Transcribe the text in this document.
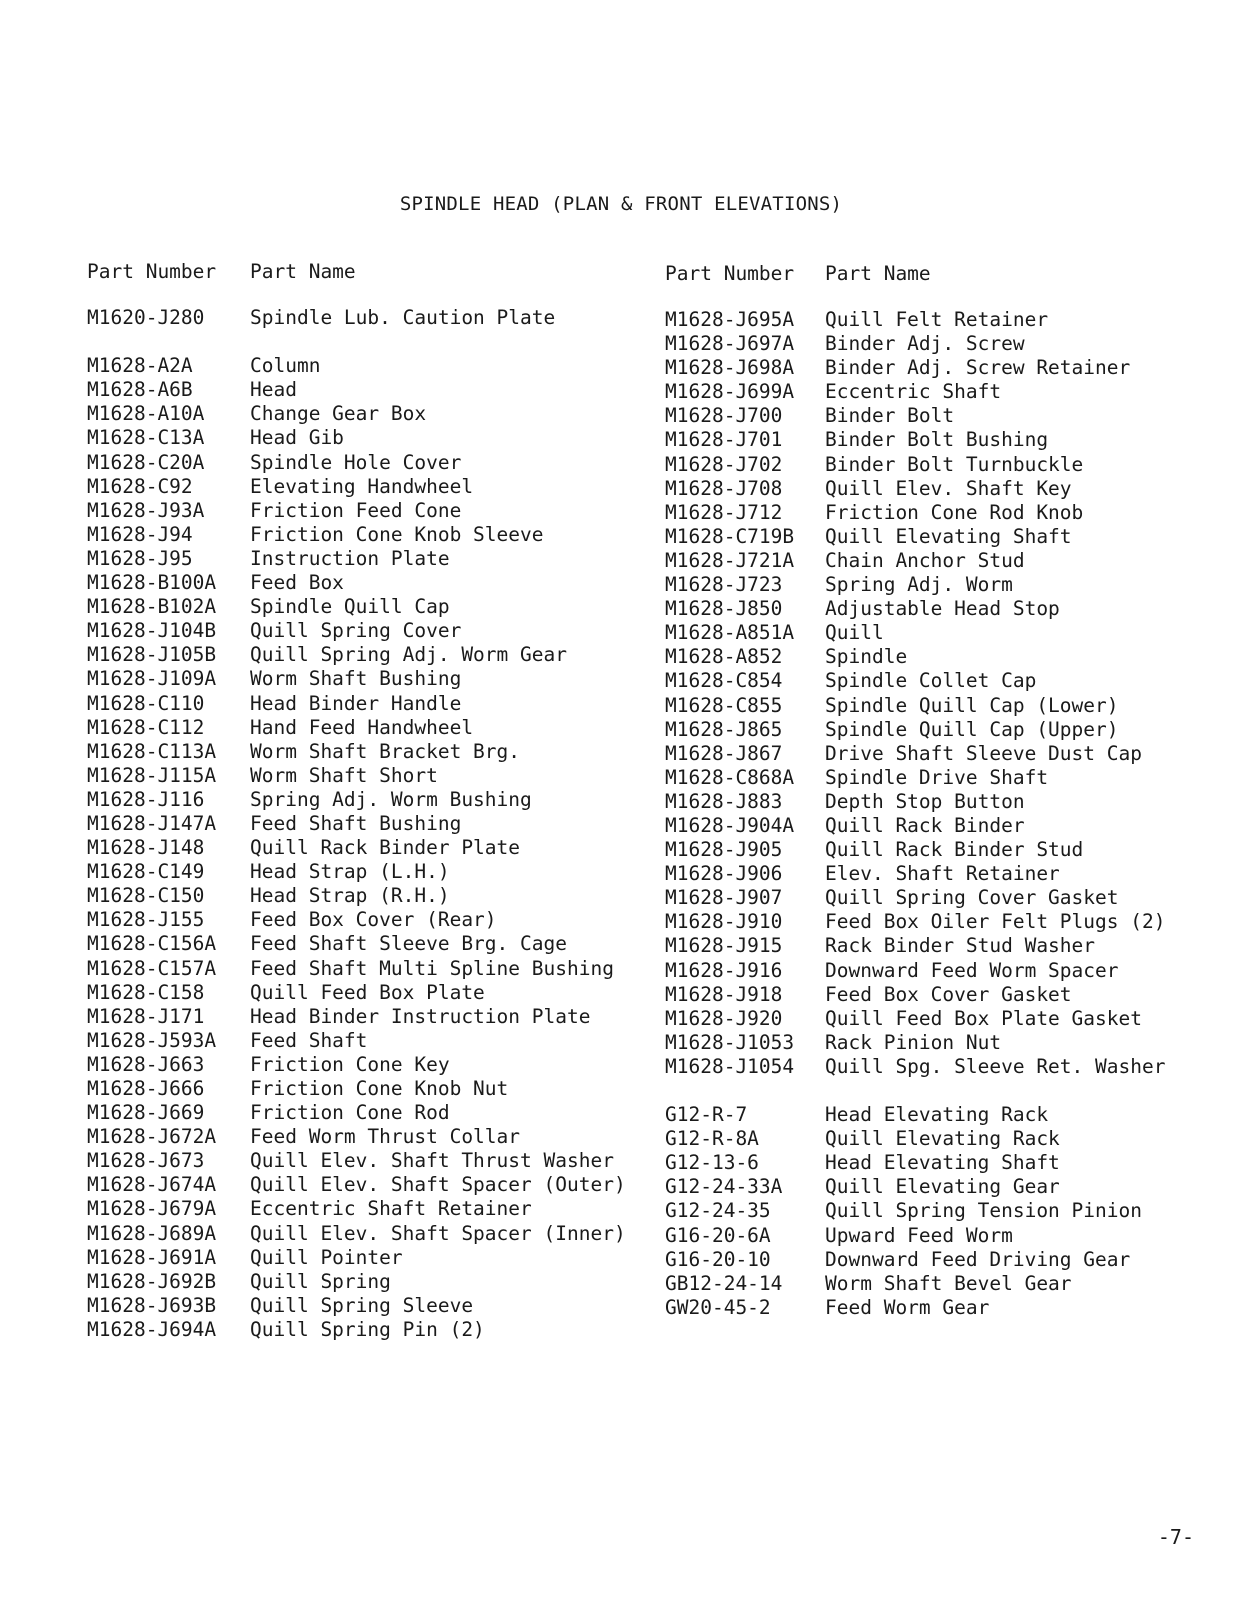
SPINDLE HEAD (PLAN & FRONT ELEVATIONS)
Part Number	Part Name
M1620-J280	Spindle Lub. Caution Plate
M1628-A2A	Column
M1628-A6B	Head
M1628-A10A	Change Gear Box
M1628-C13A	Head Gib
M1628-C20A	Spindle Hole Cover
M1628-C92	Elevating Handwheel
M1628-J93A	Friction Feed Cone
M1628-J94	Friction Cone Knob Sleeve
M1628-J95	Instruction Plate
M1628-B100A	Feed Box
M1628-B102A	Spindle Quill Cap
M1628-J104B	Quill Spring Cover
M1628-J105B	Quill Spring Adj. Worm Gear
M1628-J109A	Worm Shaft Bushing
M1628-C110	Head Binder Handle
M1628-C112	Hand Feed Handwheel
M1628-C113A	Worm Shaft Bracket Brg.
M1628-J115A	Worm Shaft Short
M1628-J116	Spring Adj. Worm Bushing
M1628-J147A	Feed Shaft Bushing
M1628-J148	Quill Rack Binder Plate
M1628-C149	Head Strap (L.H.)
M1628-C150	Head Strap (R.H.)
M1628-J155	Feed Box Cover (Rear)
M1628-C156A	Feed Shaft Sleeve Brg. Cage
M1628-C157A	Feed Shaft Multi Spline Bushing
M1628-C158	Quill Feed Box Plate
M1628-J171	Head Binder Instruction Plate
M1628-J593A	Feed Shaft
M1628-J663	Friction Cone Key
M1628-J666	Friction Cone Knob Nut
M1628-J669	Friction Cone Rod
M1628-J672A	Feed Worm Thrust Collar
M1628-J673	Quill Elev. Shaft Thrust Washer
M1628-J674A	Quill Elev. Shaft Spacer (Outer)
M1628-J679A	Eccentric Shaft Retainer
M1628-J689A	Quill Elev. Shaft Spacer (Inner)
M1628-J691A	Quill Pointer
M1628-J692B	Quill Spring
M1628-J693B	Quill Spring Sleeve
M1628-J694A	Quill Spring Pin (2)
Part Number	Part Name
M1628-J695A	Quill Felt Retainer
M1628-J697A	Binder Adj. Screw
M1628-J698A	Binder Adj. Screw Retainer
M1628-J699A	Eccentric Shaft
M1628-J700	Binder Bolt
M1628-J701	Binder Bolt Bushing
M1628-J702	Binder Bolt Turnbuckle
M1628-J708	Quill Elev. Shaft Key
M1628-J712	Friction Cone Rod Knob
M1628-C719B	Quill Elevating Shaft
M1628-J721A	Chain Anchor Stud
M1628-J723	Spring Adj. Worm
M1628-J850	Adjustable Head Stop
M1628-A851A	Quill
M1628-A852	Spindle
M1628-C854	Spindle Collet Cap
M1628-C855	Spindle Quill Cap (Lower)
M1628-J865	Spindle Quill Cap (Upper)
M1628-J867	Drive Shaft Sleeve Dust Cap
M1628-C868A	Spindle Drive Shaft
M1628-J883	Depth Stop Button
M1628-J904A	Quill Rack Binder
M1628-J905	Quill Rack Binder Stud
M1628-J906	Elev. Shaft Retainer
M1628-J907	Quill Spring Cover Gasket
M1628-J910	Feed Box Oiler Felt Plugs (2)
M1628-J915	Rack Binder Stud Washer
M1628-J916	Downward Feed Worm Spacer
M1628-J918	Feed Box Cover Gasket
M1628-J920	Quill Feed Box Plate Gasket
M1628-J1053	Rack Pinion Nut
M1628-J1054	Quill Spg. Sleeve Ret. Washer
G12-R-7	Head Elevating Rack
G12-R-8A	Quill Elevating Rack
G12-13-6	Head Elevating Shaft
G12-24-33A	Quill Elevating Gear
G12-24-35	Quill Spring Tension Pinion
G16-20-6A	Upward Feed Worm
G16-20-10	Downward Feed Driving Gear
GB12-24-14	Worm Shaft Bevel Gear
GW20-45-2	Feed Worm Gear
-7-
